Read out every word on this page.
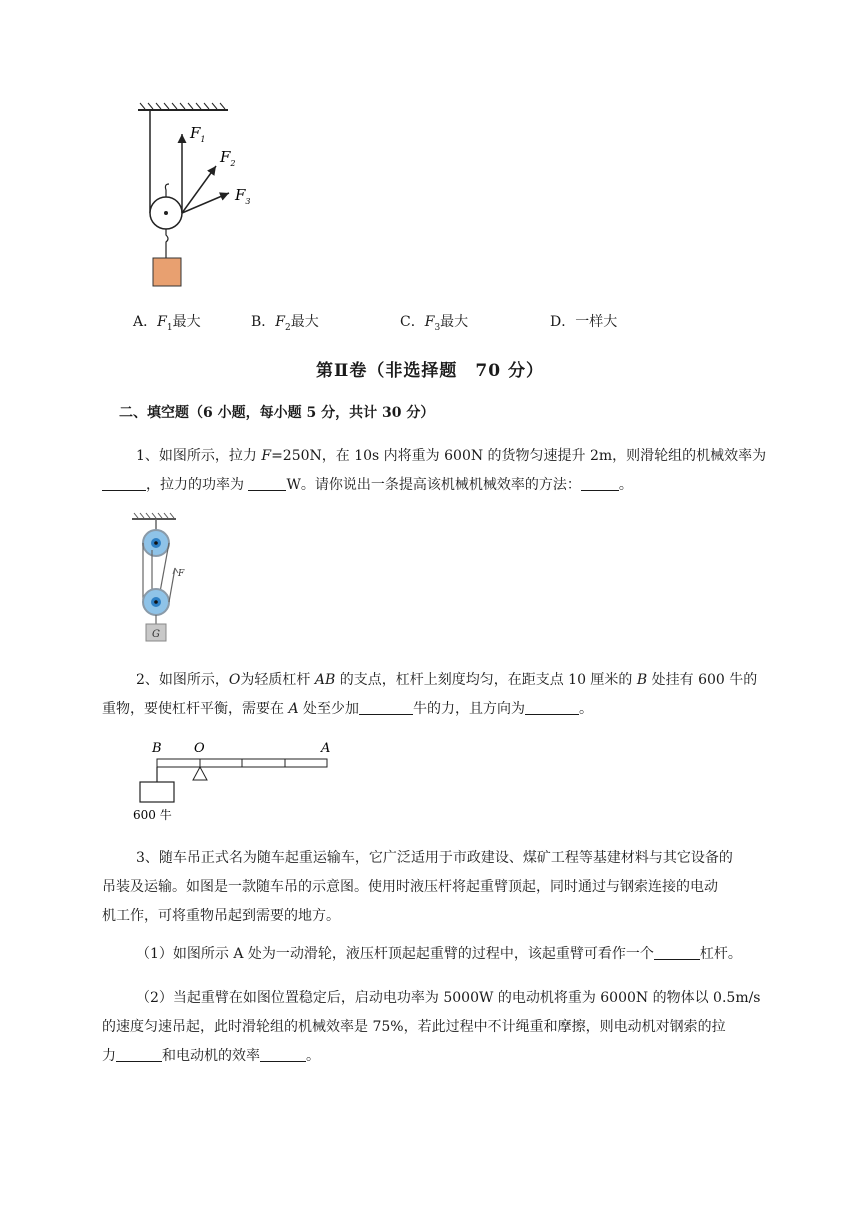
$F_1$
$F_2$
$F_3$
A．$F_1$最大	B．$F_2$最大	C．$F_3$最大	D．一样大
第Ⅱ卷（非选择题　70 分）
二、填空题（6 小题，每小题 5 分，共计 30 分）
1、如图所示，拉力 F=250N，在 10s 内将重为 600N 的货物匀速提升 2m，则滑轮组的机械效率为
，拉力的功率为	W。请你说出一条提高该机械机械效率的方法：	。
F
G
2、如图所示，O为轻质杠杆 AB 的支点，杠杆上刻度均匀，在距支点 10 厘米的 B 处挂有 600 牛的
重物，要使杠杆平衡，需要在 A 处至少加	牛的力，且方向为	。
B O	A
600 牛
3、随车吊正式名为随车起重运输车，它广泛适用于市政建设、煤矿工程等基建材料与其它设备的
吊装及运输。如图是一款随车吊的示意图。使用时液压杆将起重臂顶起，同时通过与钢索连接的电动
机工作，可将重物吊起到需要的地方。
（1）如图所示 A 处为一动滑轮，液压杆顶起起重臂的过程中，该起重臂可看作一个	杠杆。
（2）当起重臂在如图位置稳定后，启动电功率为 5000W 的电动机将重为 6000N 的物体以 0.5m/s
的速度匀速吊起，此时滑轮组的机械效率是 75%，若此过程中不计绳重和摩擦，则电动机对钢索的拉
力	和电动机的效率	。
